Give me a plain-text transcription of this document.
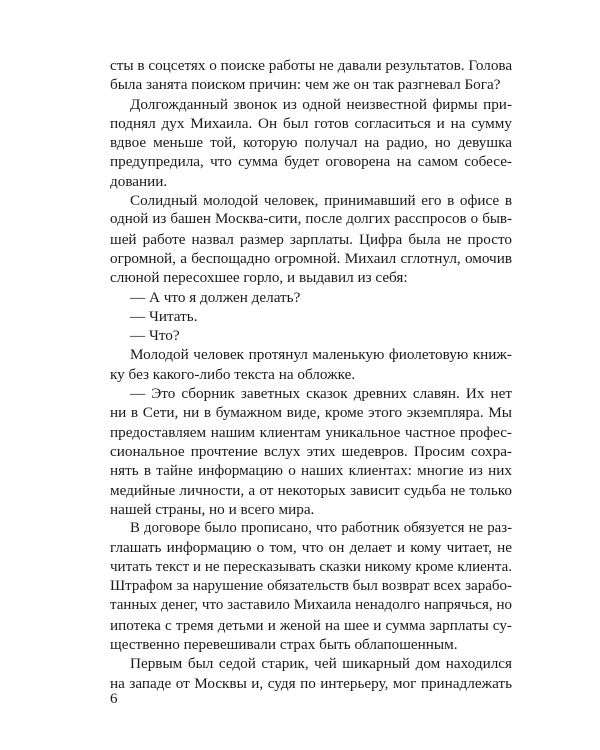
сты в соцсетях о поиске работы не давали результатов. Голова
была занята поиском причин: чем же он так разгневал Бога?
Долгожданный звонок из одной неизвестной фирмы при-
поднял дух Михаила. Он был готов согласиться и на сумму
вдвое меньше той, которую получал на радио, но девушка
предупредила, что сумма будет оговорена на самом собесе-
довании.
Солидный молодой человек, принимавший его в офисе в
одной из башен Москва-сити, после долгих расспросов о быв-
шей работе назвал размер зарплаты. Цифра была не просто
огромной, а беспощадно огромной. Михаил сглотнул, омочив
слюной пересохшее горло, и выдавил из себя:
— А что я должен делать?
— Читать.
— Что?
Молодой человек протянул маленькую фиолетовую книж-
ку без какого-либо текста на обложке.
— Это сборник заветных сказок древних славян. Их нет
ни в Сети, ни в бумажном виде, кроме этого экземпляра. Мы
предоставляем нашим клиентам уникальное частное профес-
сиональное прочтение вслух этих шедевров. Просим сохра-
нять в тайне информацию о наших клиентах: многие из них
медийные личности, а от некоторых зависит судьба не только
нашей страны, но и всего мира.
В договоре было прописано, что работник обязуется не раз-
глашать информацию о том, что он делает и кому читает, не
читать текст и не пересказывать сказки никому кроме клиента.
Штрафом за нарушение обязательств был возврат всех зарабо-
танных денег, что заставило Михаила ненадолго напрячься, но
ипотека с тремя детьми и женой на шее и сумма зарплаты су-
щественно перевешивали страх быть облапошенным.
Первым был седой старик, чей шикарный дом находился
на западе от Москвы и, судя по интерьеру, мог принадлежать
6
